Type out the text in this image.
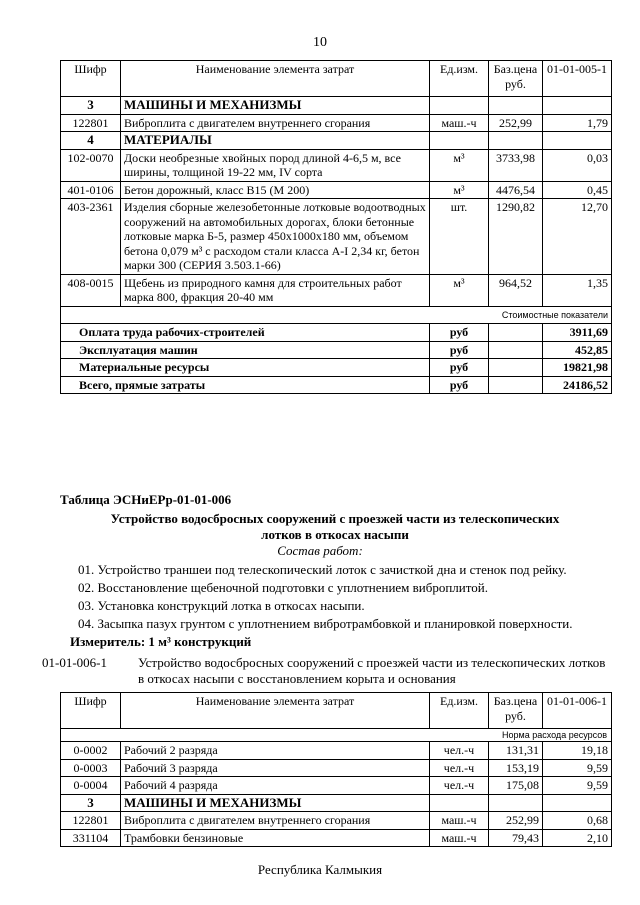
10
Шифр	Наименование элемента затрат	Ед.изм.	Баз.цена руб.	01-01-005-1
3	МАШИНЫ И МЕХАНИЗМЫ			
122801	Виброплита с двигателем внутреннего сгорания	маш.-ч	252,99	1,79
4	МАТЕРИАЛЫ			
102-0070	Доски необрезные хвойных пород длиной 4-6,5 м, все ширины, толщиной 19-22 мм, IV сорта	м³	3733,98	0,03
401-0106	Бетон дорожный, класс В15 (М 200)	м³	4476,54	0,45
403-2361	Изделия сборные железобетонные лотковые водоотводных сооружений на автомобильных дорогах, блоки бетонные лотковые марка Б-5, размер 450х1000х180 мм, объемом бетона 0,079 м³ с расходом стали класса А-I 2,34 кг, бетон марки 300 (СЕРИЯ 3.503.1-66)	шт.	1290,82	12,70
408-0015	Щебень из природного камня для строительных работ марка 800, фракция 20-40 мм	м³	964,52	1,35
Стоимостные показатели				
Оплата труда рабочих-строителей		руб		3911,69
Эксплуатация машин		руб		452,85
Материальные ресурсы		руб		19821,98
Всего, прямые затраты		руб		24186,52
Таблица ЭСНиЕРр-01-01-006
Устройство водосбросных сооружений с проезжей части из телескопических лотков в откосах насыпи
Состав работ:

01. Устройство траншеи под телескопический лоток с зачисткой дна и стенок под рейку.

02. Восстановление щебеночной подготовки с уплотнением виброплитой.

03. Установка конструкций лотка в откосах насыпи.

04. Засыпка пазух грунтом с уплотнением вибротрамбовкой и планировкой поверхности.

Измеритель: 1 м³ конструкций
01-01-006-1 Устройство водосбросных сооружений с проезжей части из телескопических лотков в откосах насыпи с восстановлением корыта и основания
Шифр	Наименование элемента затрат	Ед.изм.	Баз.цена руб.	01-01-006-1
Норма расхода ресурсов				
0-0002	Рабочий 2 разряда	чел.-ч	131,31	19,18
0-0003	Рабочий 3 разряда	чел.-ч	153,19	9,59
0-0004	Рабочий 4 разряда	чел.-ч	175,08	9,59
3	МАШИНЫ И МЕХАНИЗМЫ			
122801	Виброплита с двигателем внутреннего сгорания	маш.-ч	252,99	0,68
331104	Трамбовки бензиновые	маш.-ч	79,43	2,10
Республика Калмыкия
